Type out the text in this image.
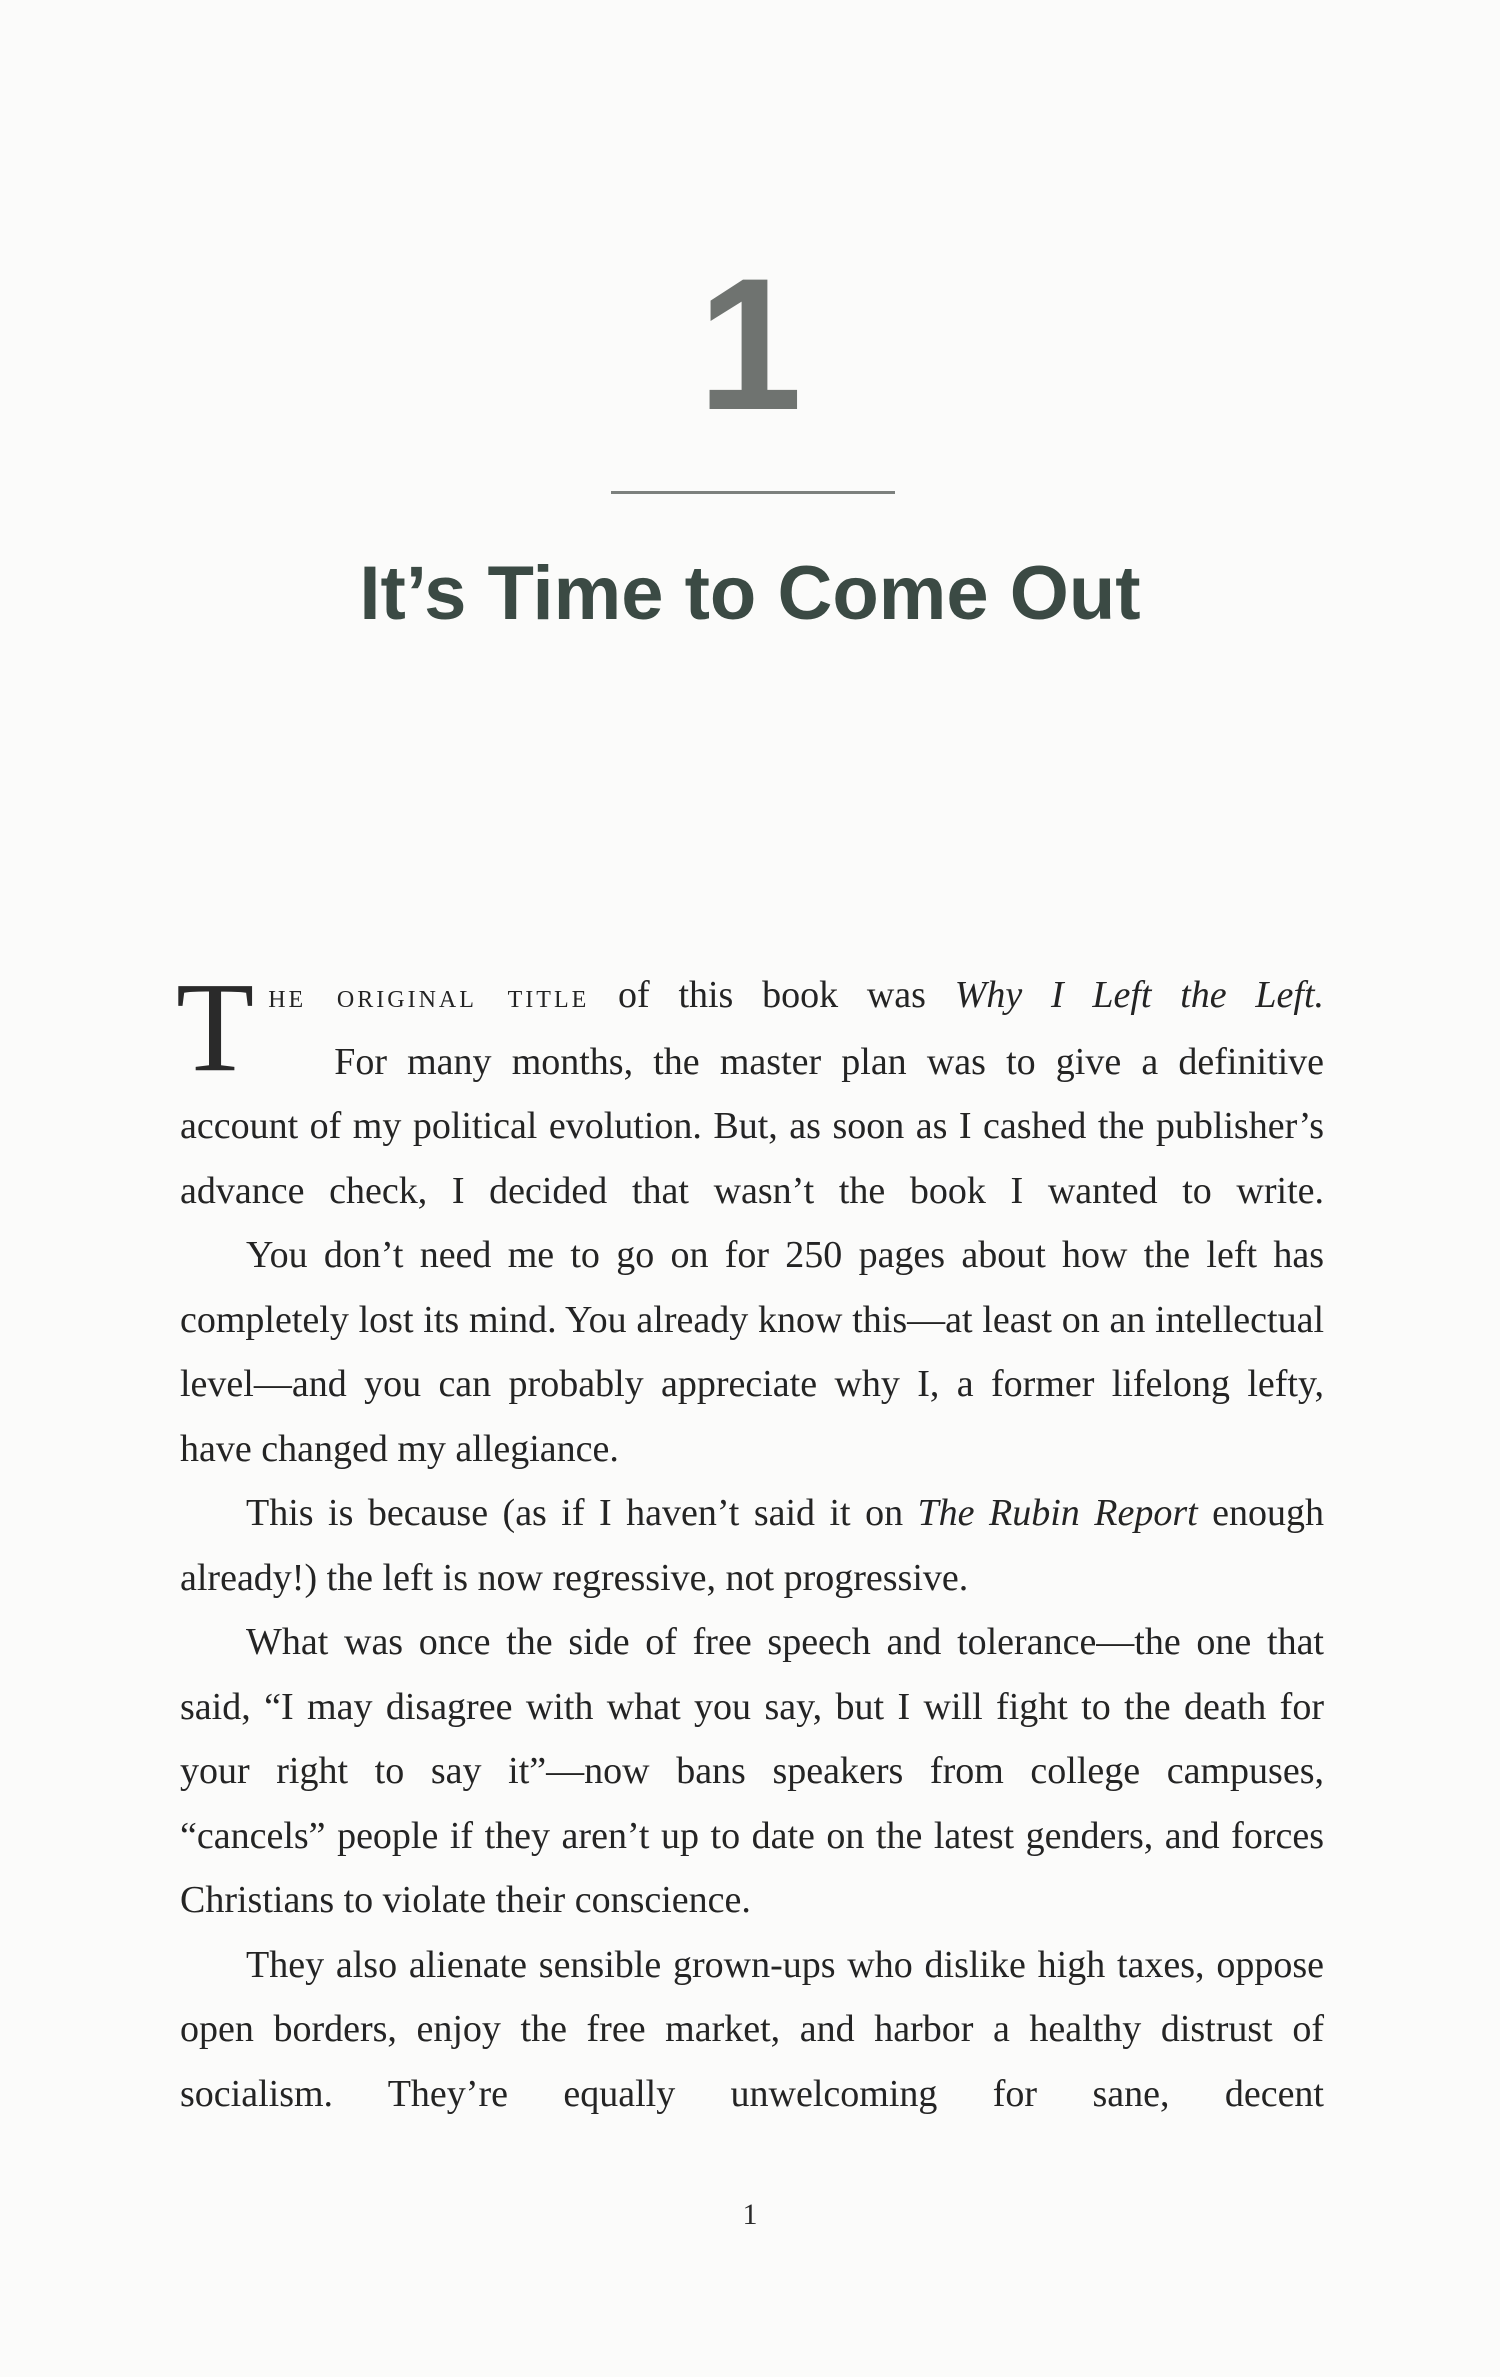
1
It’s Time to Come Out

The original title of this book was Why I Left the Left.
For many months, the master plan was to give a definitive account of my political evolution. But, as soon as I cashed the publisher’s advance check, I decided that wasn’t the book I wanted to write.

You don’t need me to go on for 250 pages about how the left has completely lost its mind. You already know this—at least on an intellectual level—and you can probably appreciate why I, a former lifelong lefty, have changed my allegiance.

This is because (as if I haven’t said it on The Rubin Report enough already!) the left is now regressive, not progressive.

What was once the side of free speech and tolerance—the one that said, “I may disagree with what you say, but I will fight to the death for your right to say it”—now bans speakers from college campuses, “cancels” people if they aren’t up to date on the latest genders, and forces Christians to violate their conscience.

They also alienate sensible grown-ups who dislike high taxes, oppose open borders, enjoy the free market, and harbor a healthy distrust of socialism. They’re equally unwelcoming for sane, decent

1
